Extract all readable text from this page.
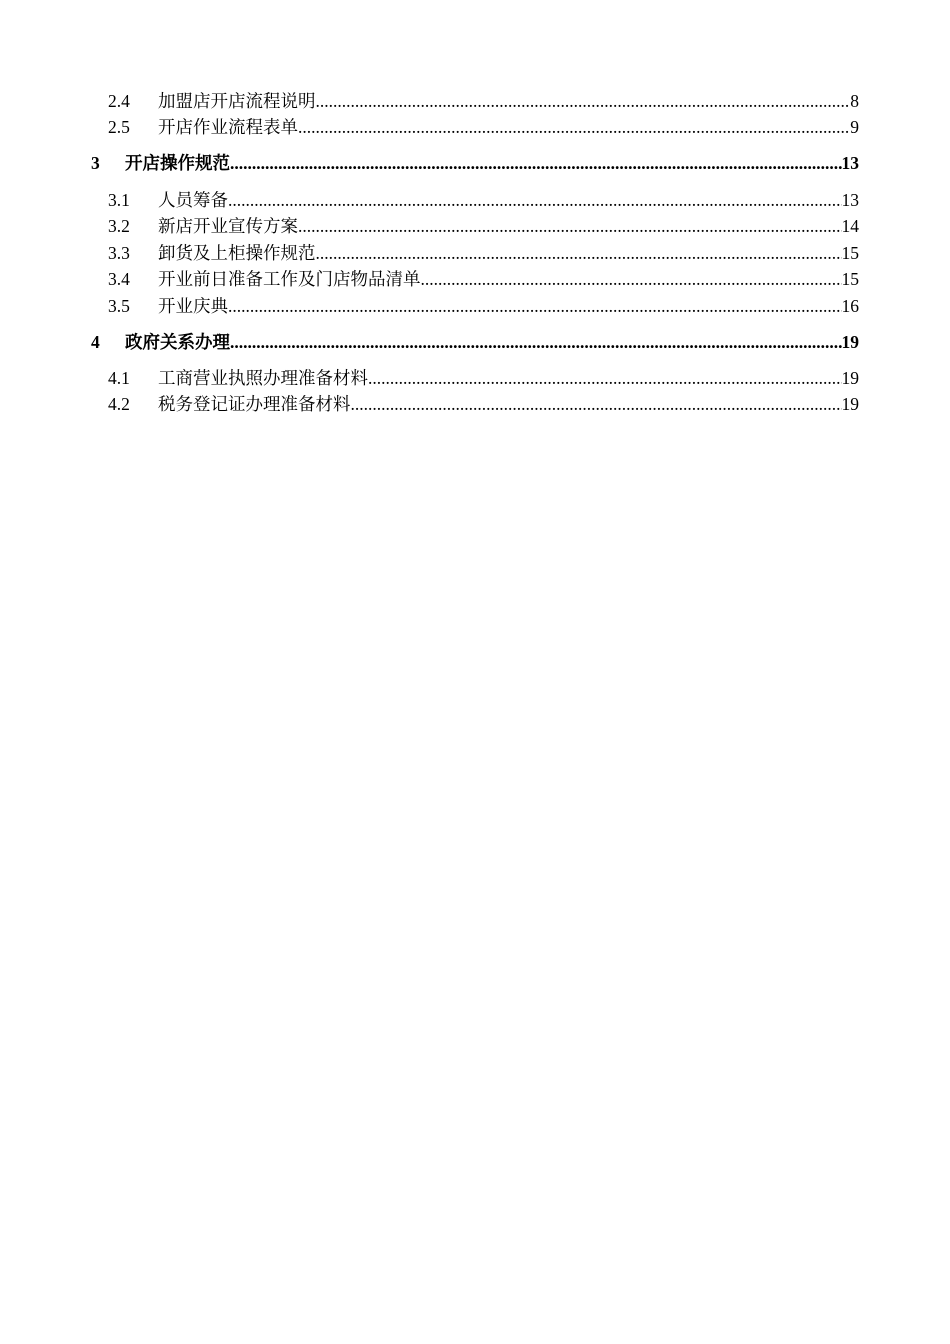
2.4	加盟店开店流程说明 .....	8
2.5	开店作业流程表单 .....	9
3	开店操作规范 .....	13
3.1	人员筹备 .....	13
3.2	新店开业宣传方案 .....	14
3.3	卸货及上柜操作规范 .....	15
3.4	开业前日准备工作及门店物品清单 .....	15
3.5	开业庆典 .....	16
4	政府关系办理 .....	19
4.1	工商营业执照办理准备材料 .....	19
4.2	税务登记证办理准备材料 .....	19
